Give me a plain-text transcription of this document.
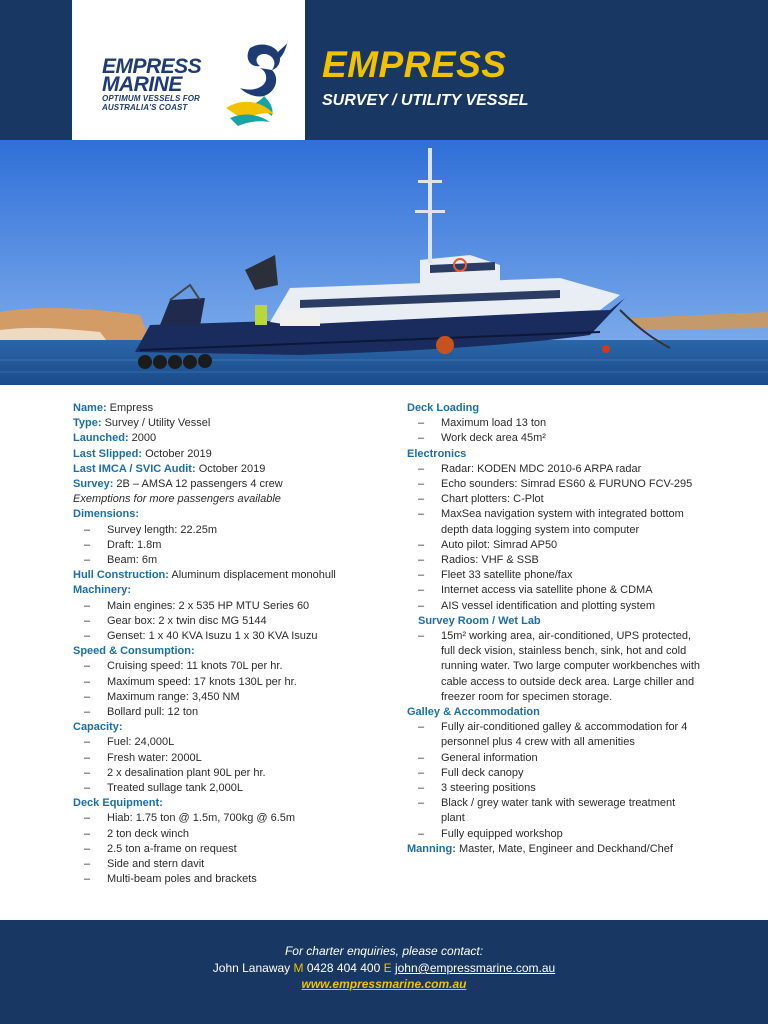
EMPRESS
MARINE
OPTIMUM VESSELS FOR
AUSTRALIA'S COAST
EMPRESS
SURVEY / UTILITY VESSEL
Name: Empress
Type: Survey / Utility Vessel
Launched: 2000
Last Slipped: October 2019
Last IMCA / SVIC Audit: October 2019
Survey: 2B – AMSA 12 passengers 4 crew
Exemptions for more passengers available
Dimensions:
– Survey length: 22.25m
– Draft: 1.8m
– Beam: 6m
Hull Construction: Aluminum displacement monohull
Machinery:
– Main engines: 2 x 535 HP MTU Series 60
– Gear box: 2 x twin disc MG 5144
– Genset: 1 x 40 KVA Isuzu 1 x 30 KVA Isuzu
Speed & Consumption:
– Cruising speed: 11 knots 70L per hr.
– Maximum speed: 17 knots 130L per hr.
– Maximum range: 3,450 NM
– Bollard pull: 12 ton
Capacity:
– Fuel: 24,000L
– Fresh water: 2000L
– 2 x desalination plant 90L per hr.
– Treated sullage tank 2,000L
Deck Equipment:
– Hiab: 1.75 ton @ 1.5m, 700kg @ 6.5m
– 2 ton deck winch
– 2.5 ton a-frame on request
– Side and stern davit
– Multi-beam poles and brackets
Deck Loading
– Maximum load 13 ton
– Work deck area 45m²
Electronics
– Radar: KODEN MDC 2010-6 ARPA radar
– Echo sounders: Simrad ES60 & FURUNO FCV-295
– Chart plotters: C-Plot
– MaxSea navigation system with integrated bottom depth data logging system into computer
– Auto pilot: Simrad AP50
– Radios: VHF & SSB
– Fleet 33 satellite phone/fax
– Internet access via satellite phone & CDMA
– AIS vessel identification and plotting system
Survey Room / Wet Lab
– 15m² working area, air-conditioned, UPS protected, full deck vision, stainless bench, sink, hot and cold running water. Two large computer workbenches with cable access to outside deck area. Large chiller and freezer room for specimen storage.
Galley & Accommodation
– Fully air-conditioned galley & accommodation for 4 personnel plus 4 crew with all amenities
– General information
– Full deck canopy
– 3 steering positions
– Black / grey water tank with sewerage treatment plant
– Fully equipped workshop
Manning: Master, Mate, Engineer and Deckhand/Chef
For charter enquiries, please contact:
John Lanaway M 0428 404 400 E john@empressmarine.com.au
www.empressmarine.com.au
